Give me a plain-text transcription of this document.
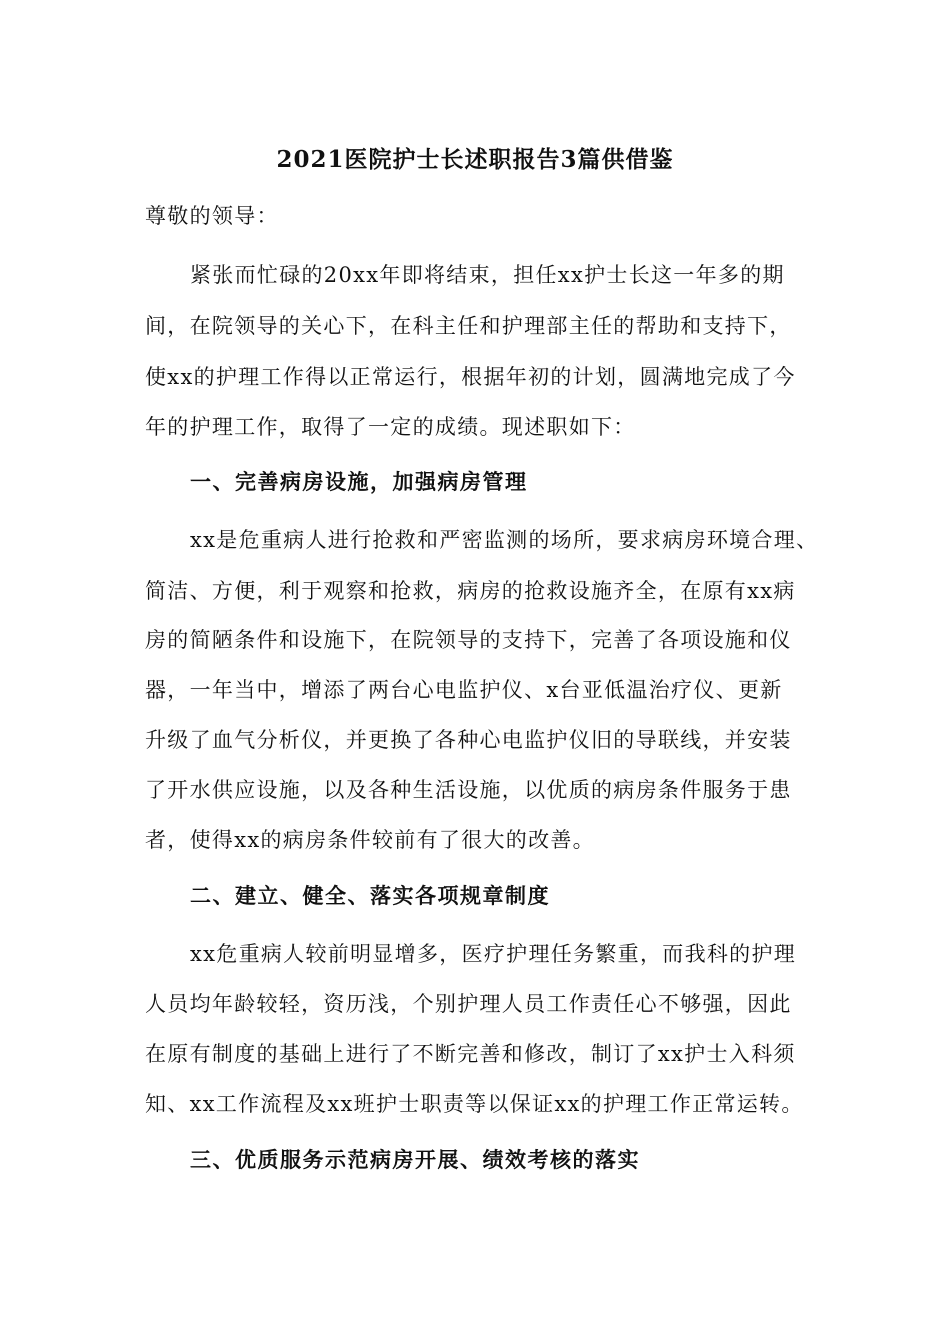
2021医院护士长述职报告3篇供借鉴
尊敬的领导：
紧张而忙碌的20xx年即将结束，担任xx护士长这一年多的期
间，在院领导的关心下，在科主任和护理部主任的帮助和支持下，
使xx的护理工作得以正常运行，根据年初的计划，圆满地完成了今
年的护理工作，取得了一定的成绩。现述职如下：
一、完善病房设施，加强病房管理
xx是危重病人进行抢救和严密监测的场所，要求病房环境合理、
简洁、方便，利于观察和抢救，病房的抢救设施齐全，在原有xx病
房的简陋条件和设施下，在院领导的支持下，完善了各项设施和仪
器，一年当中，增添了两台心电监护仪、x台亚低温治疗仪、更新
升级了血气分析仪，并更换了各种心电监护仪旧的导联线，并安装
了开水供应设施，以及各种生活设施，以优质的病房条件服务于患
者，使得xx的病房条件较前有了很大的改善。
二、建立、健全、落实各项规章制度
xx危重病人较前明显增多，医疗护理任务繁重，而我科的护理
人员均年龄较轻，资历浅，个别护理人员工作责任心不够强，因此
在原有制度的基础上进行了不断完善和修改，制订了xx护士入科须
知、xx工作流程及xx班护士职责等以保证xx的护理工作正常运转。
三、优质服务示范病房开展、绩效考核的落实
